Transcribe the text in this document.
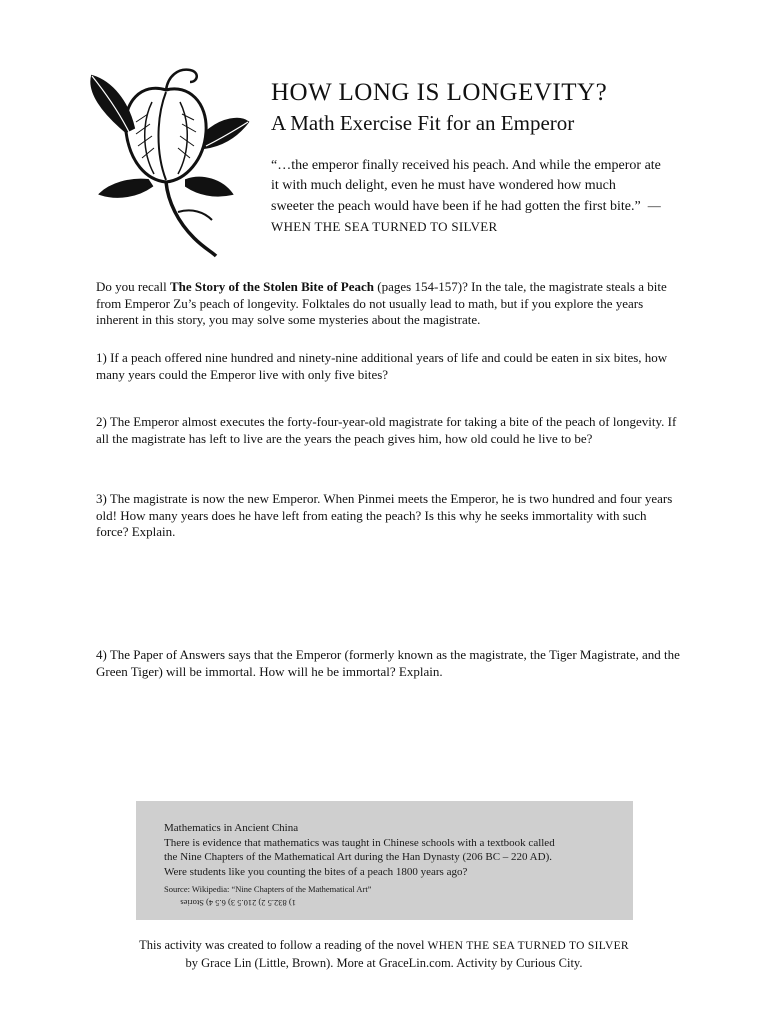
HOW LONG IS LONGEVITY?
A Math Exercise Fit for an Emperor
“…the emperor finally received his peach. And while the emperor ate it with much delight, even he must have wondered how much sweeter the peach would have been if he had gotten the first bite.” —WHEN THE SEA TURNED TO SILVER

Do you recall The Story of the Stolen Bite of Peach (pages 154-157)? In the tale, the magistrate steals a bite from Emperor Zu’s peach of longevity. Folktales do not usually lead to math, but if you explore the years inherent in this story, you may solve some mysteries about the magistrate.

1) If a peach offered nine hundred and ninety-nine additional years of life and could be eaten in six bites, how many years could the Emperor live with only five bites?

2) The Emperor almost executes the forty-four-year-old magistrate for taking a bite of the peach of longevity. If all the magistrate has left to live are the years the peach gives him, how old could he live to be?

3) The magistrate is now the new Emperor. When Pinmei meets the Emperor, he is two hundred and four years old! How many years does he have left from eating the peach? Is this why he seeks immortality with such force? Explain.

4) The Paper of Answers says that the Emperor (formerly known as the magistrate, the Tiger Magistrate, and the Green Tiger) will be immortal. How will he be immortal? Explain.

Mathematics in Ancient China
There is evidence that mathematics was taught in Chinese schools with a textbook called the Nine Chapters of the Mathematical Art during the Han Dynasty (206 BC – 220 AD). Were students like you counting the bites of a peach 1800 years ago?
Source: Wikipedia: “Nine Chapters of the Mathematical Art”
1) 832.5 2) 210.5 3) 6.5 4) Stories
This activity was created to follow a reading of the novel WHEN THE SEA TURNED TO SILVER
by Grace Lin (Little, Brown). More at GraceLin.com. Activity by Curious City.
